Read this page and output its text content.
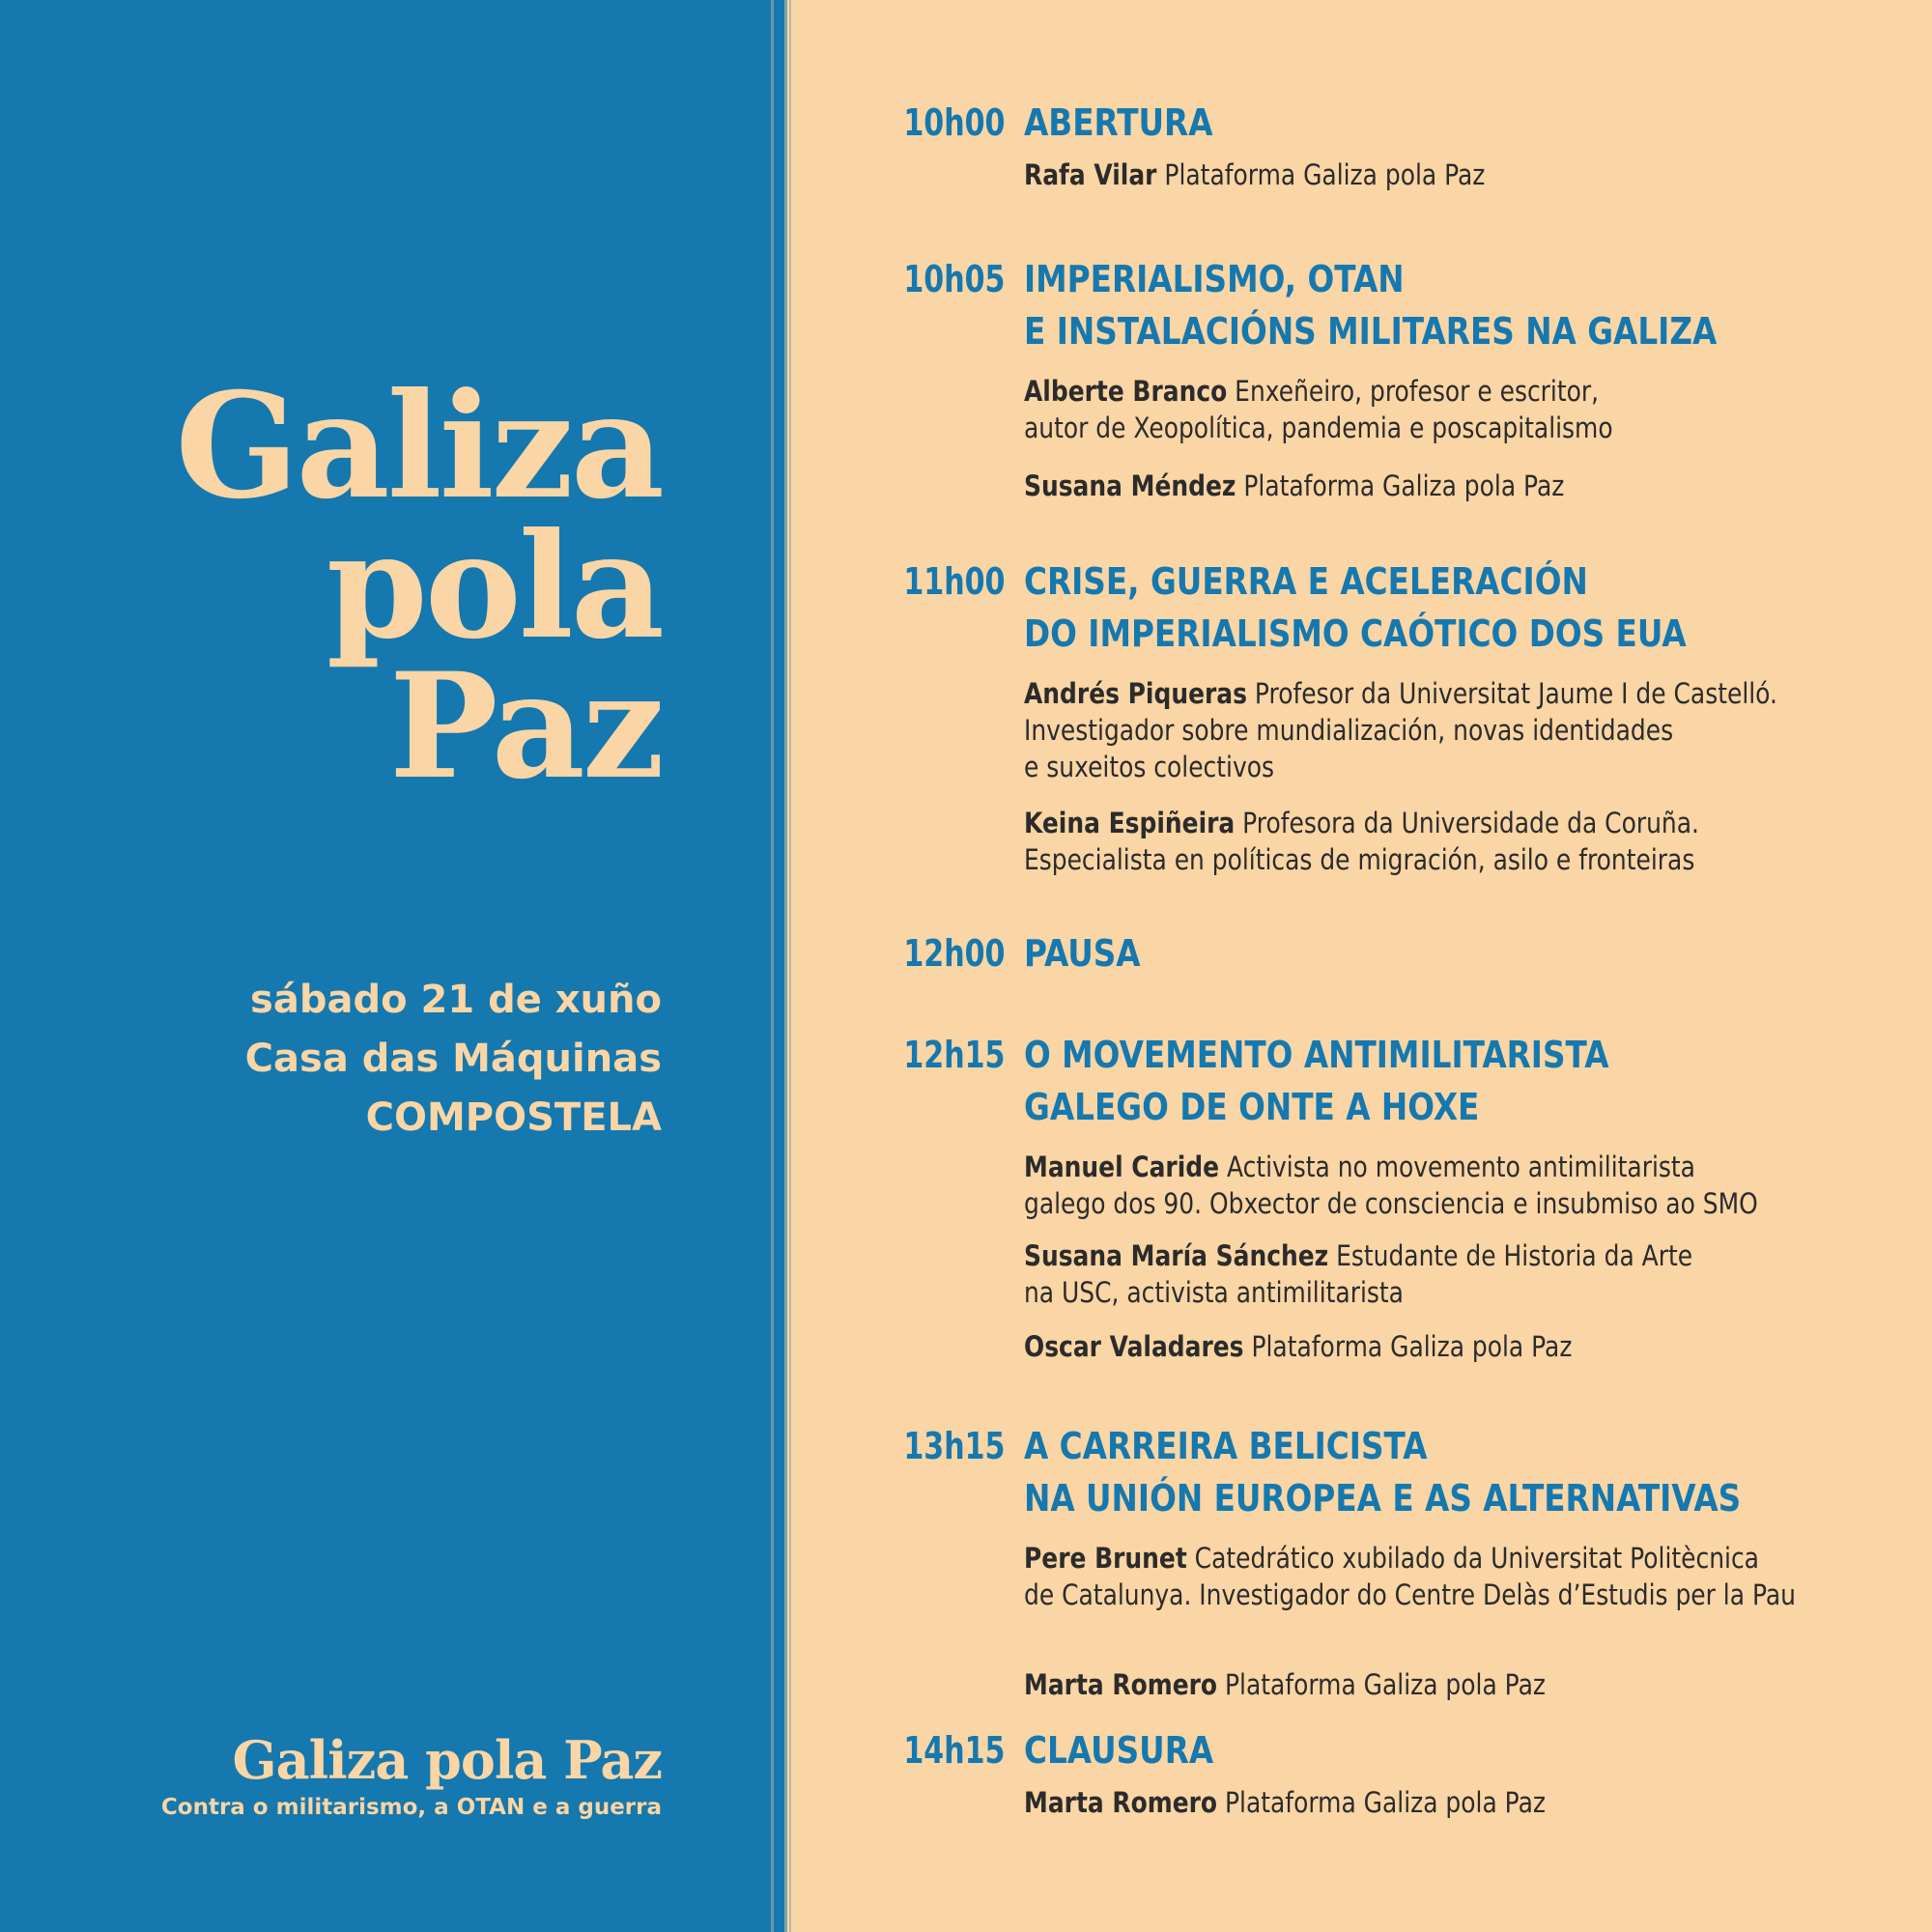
Galiza
pola
Paz
sábado 21 de xuño
Casa das Máquinas
COMPOSTELA
Galiza pola Paz
Contra o militarismo, a OTAN e a guerra
10h00 ABERTURA
Rafa Vilar Plataforma Galiza pola Paz
10h05 IMPERIALISMO, OTAN
E INSTALACIÓNS MILITARES NA GALIZA
Alberte Branco Enxeñeiro, profesor e escritor,
autor de Xeopolítica, pandemia e poscapitalismo
Susana Méndez Plataforma Galiza pola Paz
11h00 CRISE, GUERRA E ACELERACIÓN
DO IMPERIALISMO CAÓTICO DOS EUA
Andrés Piqueras Profesor da Universitat Jaume I de Castelló.
Investigador sobre mundialización, novas identidades
e suxeitos colectivos
Keina Espiñeira Profesora da Universidade da Coruña.
Especialista en políticas de migración, asilo e fronteiras
12h00 PAUSA
12h15 O MOVEMENTO ANTIMILITARISTA
GALEGO DE ONTE A HOXE
Manuel Caride Activista no movemento antimilitarista
galego dos 90. Obxector de consciencia e insubmiso ao SMO
Susana María Sánchez Estudante de Historia da Arte
na USC, activista antimilitarista
Oscar Valadares Plataforma Galiza pola Paz
13h15 A CARREIRA BELICISTA
NA UNIÓN EUROPEA E AS ALTERNATIVAS
Pere Brunet Catedrático xubilado da Universitat Politècnica
de Catalunya. Investigador do Centre Delàs d’Estudis per la Pau
Marta Romero Plataforma Galiza pola Paz
14h15 CLAUSURA
Marta Romero Plataforma Galiza pola Paz
